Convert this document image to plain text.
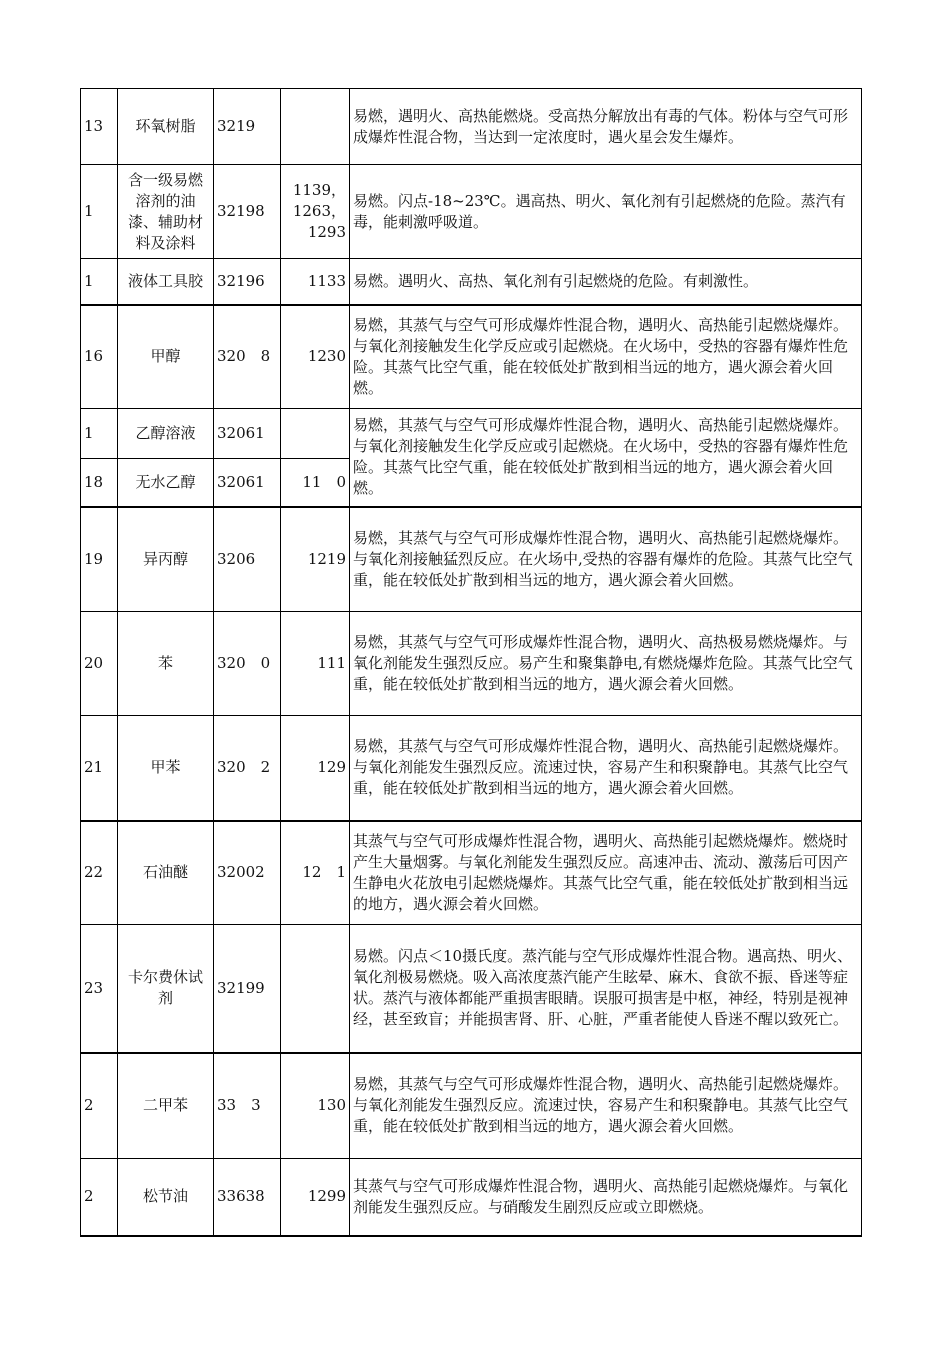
13	环氧树脂	3219		易燃，遇明火、高热能燃烧。受高热分解放出有毒的气体。粉体与空气可形成爆炸性混合物，当达到一定浓度时，遇火星会发生爆炸。
1	含一级易燃溶剂的油漆、辅助材料及涂料	32198	1139，1263，1293	易燃。闪点-18~23℃。遇高热、明火、氧化剂有引起燃烧的危险。蒸汽有毒，能刺激呼吸道。
1	液体工具胶	32196	1133	易燃。遇明火、高热、氧化剂有引起燃烧的危险。有刺激性。
16	甲醇	320　8	1230	易燃，其蒸气与空气可形成爆炸性混合物，遇明火、高热能引起燃烧爆炸。与氧化剂接触发生化学反应或引起燃烧。在火场中，受热的容器有爆炸性危险。其蒸气比空气重，能在较低处扩散到相当远的地方，遇火源会着火回燃。
1	乙醇溶液	32061		易燃，其蒸气与空气可形成爆炸性混合物，遇明火、高热能引起燃烧爆炸。与氧化剂接触发生化学反应或引起燃烧。在火场中，受热的容器有爆炸性危险。其蒸气比空气重，能在较低处扩散到相当远的地方，遇火源会着火回燃。
18	无水乙醇	32061	11　0	
19	异丙醇	3206	1219	易燃，其蒸气与空气可形成爆炸性混合物，遇明火、高热能引起燃烧爆炸。与氧化剂接触猛烈反应。在火场中,受热的容器有爆炸的危险。其蒸气比空气重，能在较低处扩散到相当远的地方，遇火源会着火回燃。
20	苯	320　0	111	易燃，其蒸气与空气可形成爆炸性混合物，遇明火、高热极易燃烧爆炸。与氧化剂能发生强烈反应。易产生和聚集静电,有燃烧爆炸危险。其蒸气比空气重，能在较低处扩散到相当远的地方，遇火源会着火回燃。
21	甲苯	320　2	129	易燃，其蒸气与空气可形成爆炸性混合物，遇明火、高热能引起燃烧爆炸。与氧化剂能发生强烈反应。流速过快，容易产生和积聚静电。其蒸气比空气重，能在较低处扩散到相当远的地方，遇火源会着火回燃。
22	石油醚	32002	12　1	其蒸气与空气可形成爆炸性混合物，遇明火、高热能引起燃烧爆炸。燃烧时产生大量烟雾。与氧化剂能发生强烈反应。高速冲击、流动、激荡后可因产生静电火花放电引起燃烧爆炸。其蒸气比空气重，能在较低处扩散到相当远的地方，遇火源会着火回燃。
23	卡尔费休试剂	32199		易燃。闪点＜10摄氏度。蒸汽能与空气形成爆炸性混合物。遇高热、明火、氧化剂极易燃烧。吸入高浓度蒸汽能产生眩晕、麻木、食欲不振、昏迷等症状。蒸汽与液体都能严重损害眼睛。误服可损害是中枢，神经，特别是视神经，甚至致盲；并能损害肾、肝、心脏，严重者能使人昏迷不醒以致死亡。
2	二甲苯	33　3	130	易燃，其蒸气与空气可形成爆炸性混合物，遇明火、高热能引起燃烧爆炸。与氧化剂能发生强烈反应。流速过快，容易产生和积聚静电。其蒸气比空气重，能在较低处扩散到相当远的地方，遇火源会着火回燃。
2	松节油	33638	1299	其蒸气与空气可形成爆炸性混合物，遇明火、高热能引起燃烧爆炸。与氧化剂能发生强烈反应。与硝酸发生剧烈反应或立即燃烧。
